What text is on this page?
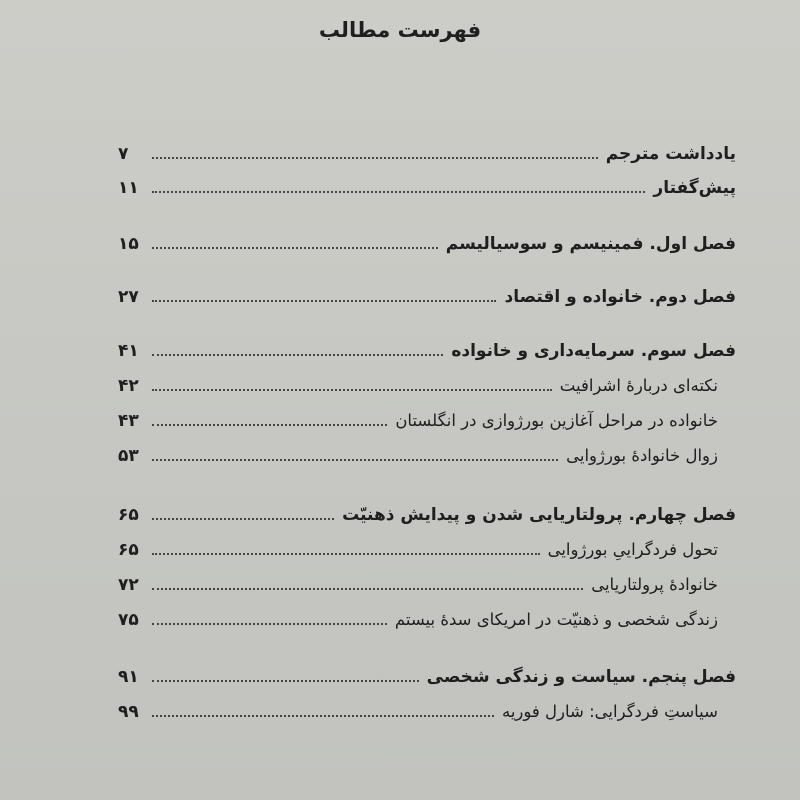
فهرست مطالب
یادداشت مترجم
۷
پیش‌گفتار
۱۱
فصل اول. فمینیسم و سوسیالیسم
۱۵
فصل دوم. خانواده و اقتصاد
۲۷
فصل سوم. سرمایه‌داری و خانواده
۴۱
نکته‌ای دربارهٔ اشرافیت
۴۲
خانواده در مراحل آغازین بورژوازی در انگلستان
۴۳
زوال خانوادهٔ بورژوایی
۵۳
فصل چهارم. پرولتاریایی شدن و پیدایش ذهنیّت
۶۵
تحول فردگراییِ بورژوایی
۶۵
خانوادهٔ پرولتاریایی
۷۲
زندگی شخصی و ذهنیّت در امریکای سدهٔ بیستم
۷۵
فصل پنجم. سیاست و زندگی شخصی
۹۱
سیاستِ فردگرایی: شارل فوریه
۹۹
